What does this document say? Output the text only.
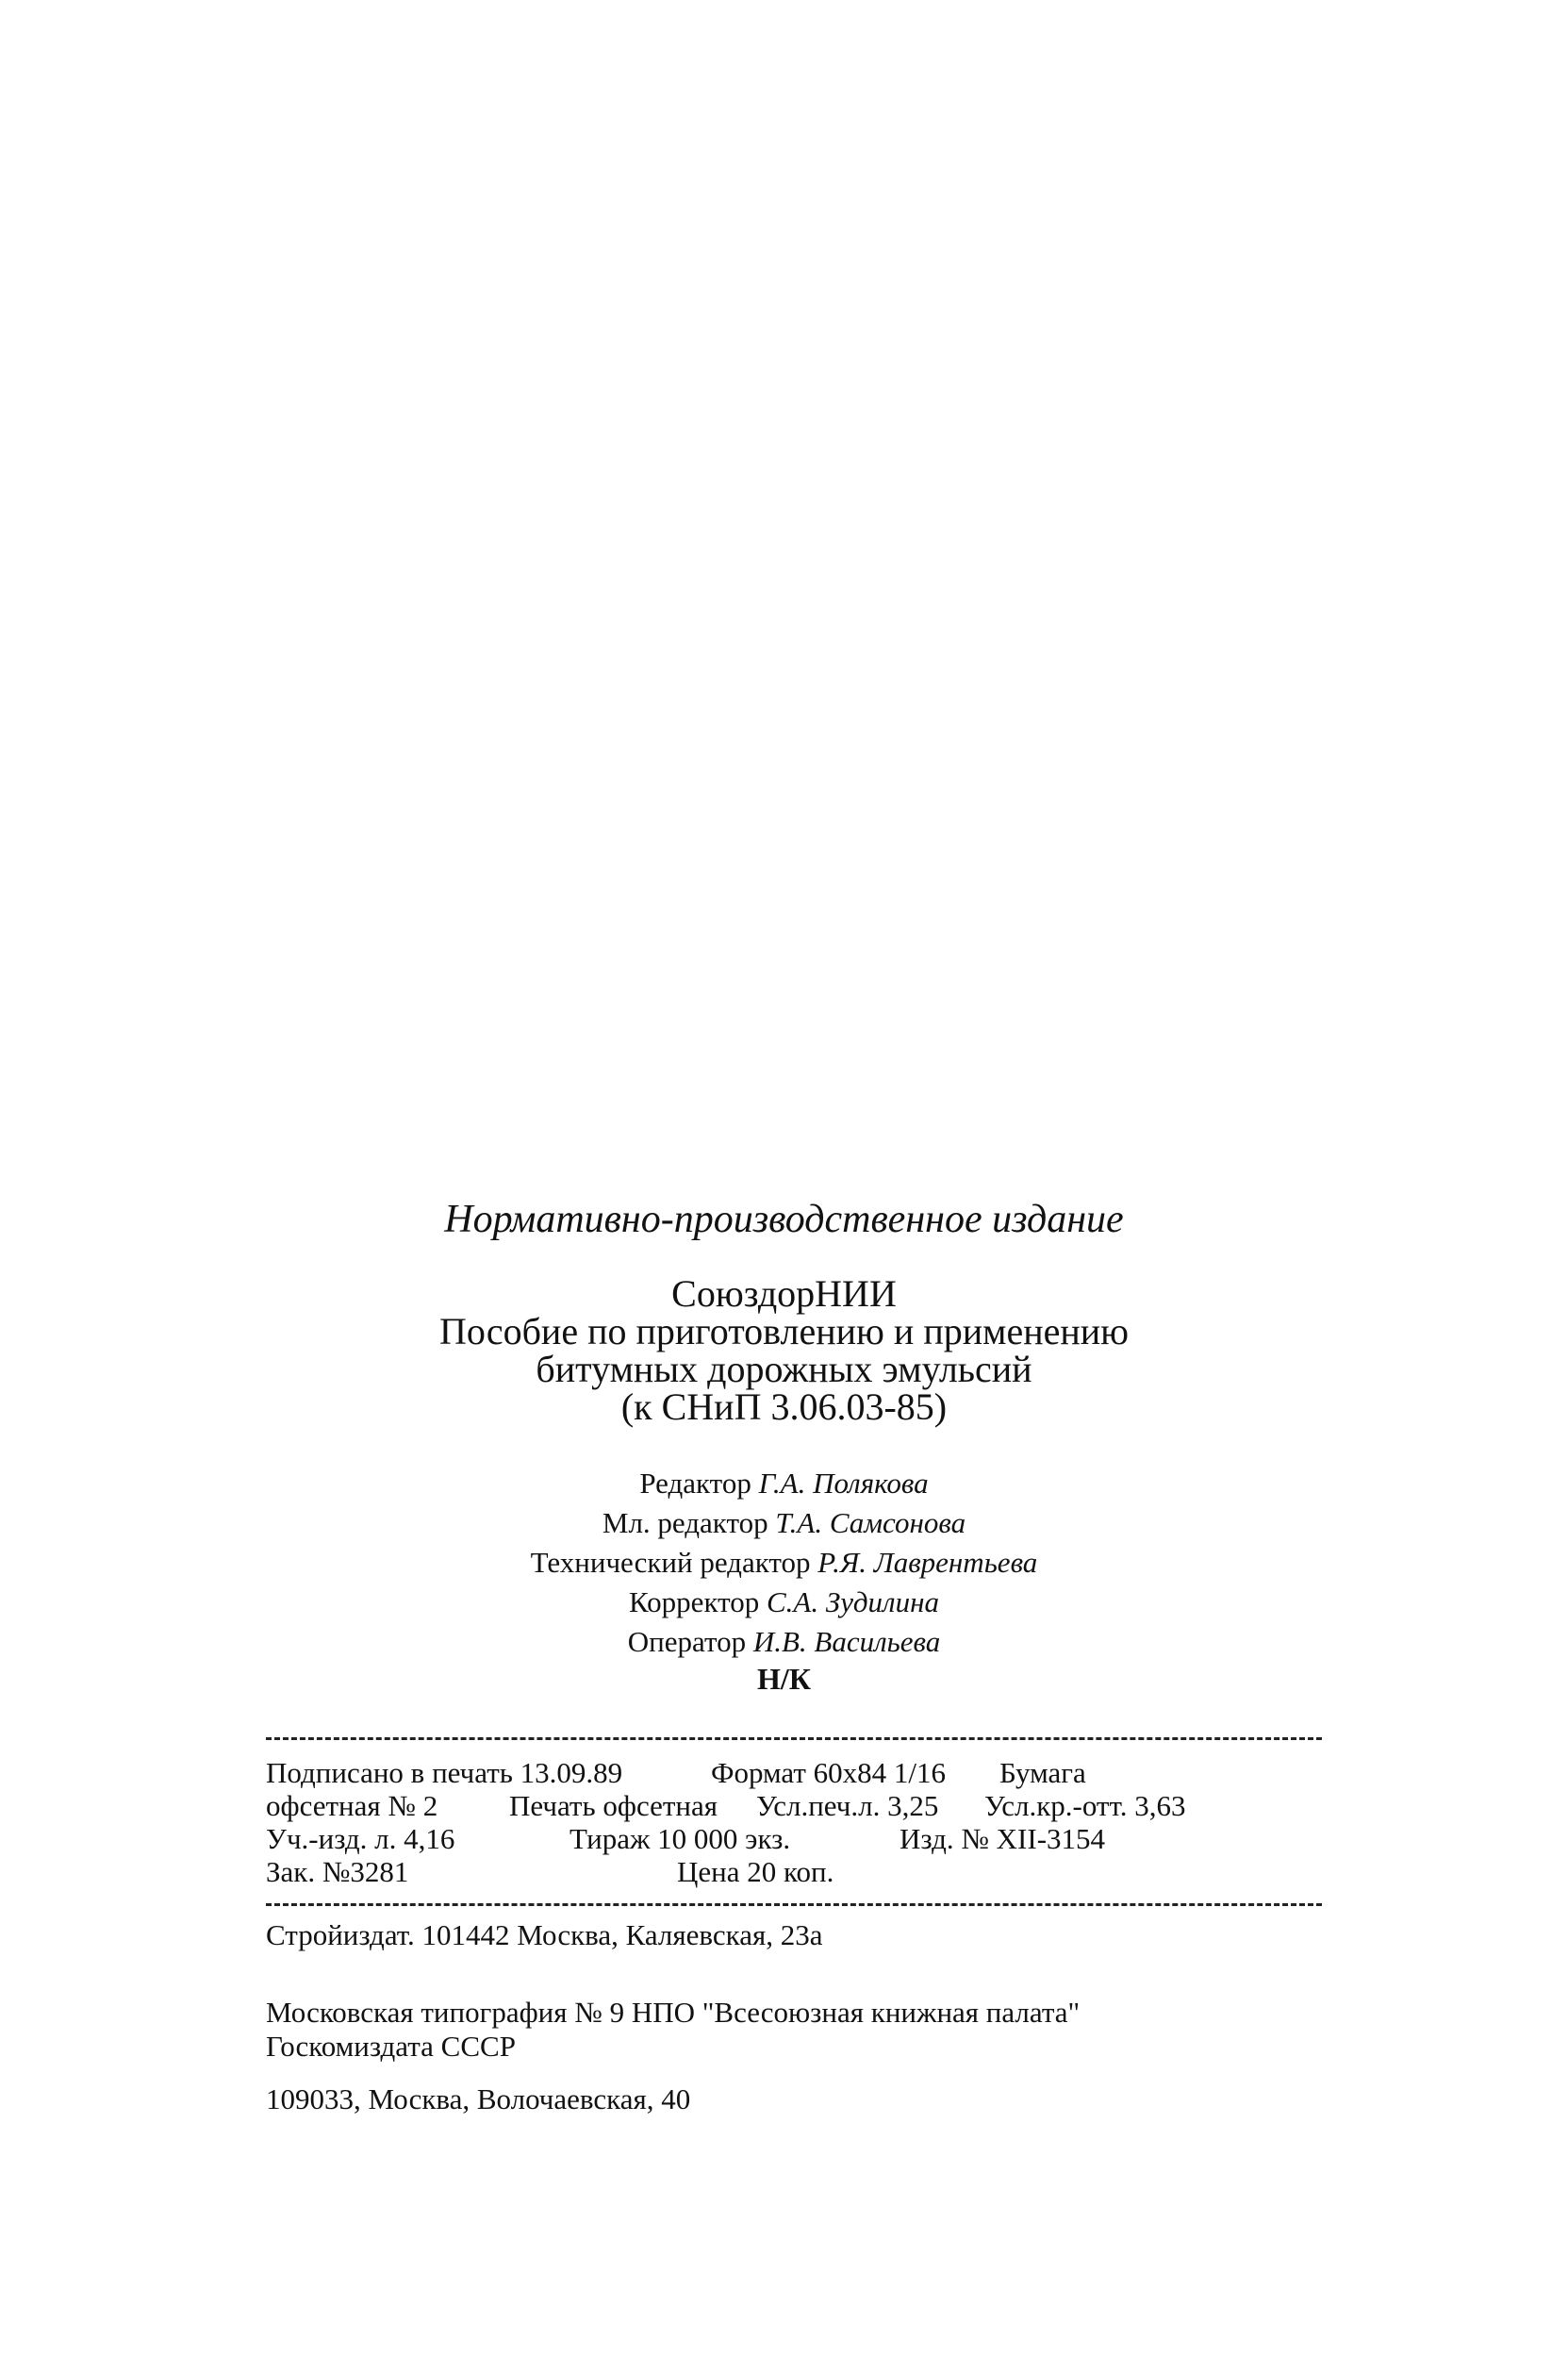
Нормативно-производственное издание
СоюздорНИИ
Пособие по приготовлению и применению
битумных дорожных эмульсий
(к СНиП 3.06.03-85)
Редактор Г.А. Полякова
Мл. редактор Т.А. Самсонова
Технический редактор Р.Я. Лаврентьева
Корректор С.А. Зудилина
Оператор И.В. Васильева
Н/К
Подписано в печать 13.09.89	Формат 60x84 1/16 Бумага
офсетная № 2 Печать офсетная Усл.печ.л. 3,25 Усл.кр.-отт. 3,63
Уч.-изд. л. 4,16	Тираж 10 000 экз.	Изд. № XII-3154
Зак. №3281	Цена 20 коп.
Стройиздат. 101442 Москва, Каляевская, 23а
Московская типография № 9 НПО "Всесоюзная книжная палата"
Госкомиздата СССР
109033, Москва, Волочаевская, 40
